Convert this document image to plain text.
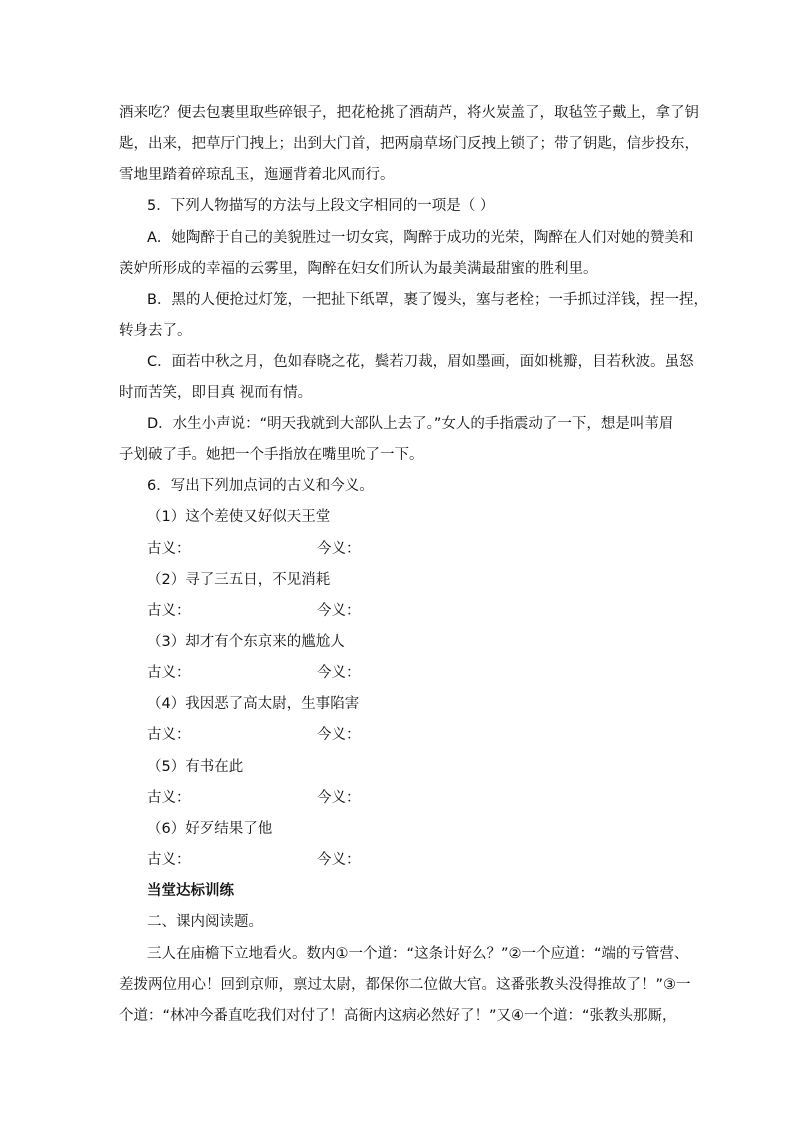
酒来吃？便去包裹里取些碎银子，把花枪挑了酒葫芦，将火炭盖了，取毡笠子戴上，拿了钥
匙，出来，把草厅门拽上；出到大门首，把两扇草场门反拽上锁了；带了钥匙，信步投东，
雪地里踏着碎琼乱玉，迤逦背着北风而行。
5．下列人物描写的方法与上段文字相同的一项是（ ）
A．她陶醉于自己的美貌胜过一切女宾，陶醉于成功的光荣，陶醉在人们对她的赞美和
羡妒所形成的幸福的云雾里，陶醉在妇女们所认为最美满最甜蜜的胜利里。
B．黑的人便抢过灯笼，一把扯下纸罩，裹了馒头，塞与老栓；一手抓过洋钱，捏一捏，
转身去了。
C．面若中秋之月，色如春晓之花，鬓若刀裁，眉如墨画，面如桃瓣，目若秋波。虽怒
时而苦笑，即目真 视而有情。
D．水生小声说：“明天我就到大部队上去了。”女人的手指震动了一下，想是叫苇眉
子划破了手。她把一个手指放在嘴里吮了一下。
6．写出下列加点词的古义和今义。
（1）这个差使又好似天王堂
古义：	今义：
（2）寻了三五日，不见消耗
古义：	今义：
（3）却才有个东京来的尴尬人
古义：	今义：
（4）我因恶了高太尉，生事陷害
古义：	今义：
（5）有书在此
古义：	今义：
（6）好歹结果了他
古义：	今义：
当堂达标训练
二、课内阅读题。
三人在庙檐下立地看火。数内①一个道：“这条计好么？”②一个应道：“端的亏管营、
差拨两位用心！回到京师，禀过太尉，都保你二位做大官。这番张教头没得推故了！”③一
个道：“林冲今番直吃我们对付了！高衙内这病必然好了！”又④一个道：“张教头那厮，
